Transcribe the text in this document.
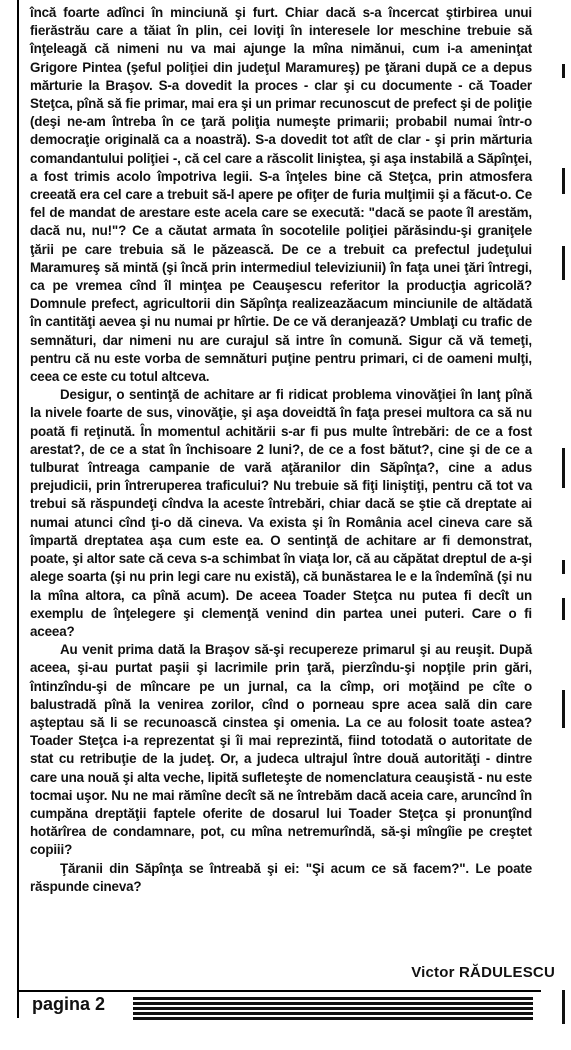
încă foarte adînci în minciună şi furt. Chiar dacă s-a încercat ştirbirea unui fierăstrău care a tăiat în plin, cei loviţi în interesele lor meschine trebuie să înţeleagă că nimeni nu va mai ajunge la mîna nimănui, cum i-a ameninţat Grigore Pintea (şeful poliţiei din judeţul Maramureş) pe ţărani după ce a depus mărturie la Braşov. S-a dovedit la proces - clar şi cu documente - că Toader Steţca, pînă să fie primar, mai era şi un primar recunoscut de prefect şi de poliţie (deşi ne-am întreba în ce ţară poliţia numeşte primarii; probabil numai într-o democraţie originală ca a noastră). S-a dovedit tot atît de clar - şi prin mărturia comandantului poliţiei -, că cel care a răscolit liniştea, şi aşa instabilă a Săpînţei, a fost trimis acolo împotriva legii. S-a înţeles bine că Steţca, prin atmosfera creeată era cel care a trebuit să-l apere pe ofiţer de furia mulţimii şi a făcut-o. Ce fel de mandat de arestare este acela care se execută: "dacă se paote îl arestăm, dacă nu, nu!"? Ce a căutat armata în socotelile poliţiei părăsindu-şi graniţele ţării pe care trebuia să le păzească. De ce a trebuit ca prefectul judeţului Maramureş să mintă (şi încă prin intermediul televiziunii) în faţa unei ţări întregi, ca pe vremea cînd îl minţea pe Ceauşescu referitor la producţia agricolă? Domnule prefect, agricultorii din Săpînţa realizeazăacum minciunile de altădată în cantităţi aevea şi nu numai pr hîrtie. De ce vă deranjează? Umblaţi cu trafic de semnături, dar nimeni nu are curajul să intre în comună. Sigur că vă temeţi, pentru că nu este vorba de semnături puţine pentru primari, ci de oameni mulţi, ceea ce este cu totul altceva.

Desigur, o sentinţă de achitare ar fi ridicat problema vinovăţiei în lanţ pînă la nivele foarte de sus, vinovăţie, şi aşa doveidtă în faţa presei multora ca să nu poată fi reţinută. În momentul achitării s-ar fi pus multe întrebări: de ce a fost arestat?, de ce a stat în închisoare 2 luni?, de ce a fost bătut?, cine şi de ce a tulburat întreaga campanie de vară aţăranilor din Săpînţa?, cine a adus prejudicii, prin întreruperea traficului? Nu trebuie să fiţi liniştiţi, pentru că tot va trebui să răspundeţi cîndva la aceste întrebări, chiar dacă se ştie că dreptate ai numai atunci cînd ţi-o dă cineva. Va exista şi în România acel cineva care să împartă dreptatea aşa cum este ea. O sentinţă de achitare ar fi demonstrat, poate, şi altor sate că ceva s-a schimbat în viaţa lor, că au căpătat dreptul de a-şi alege soarta (şi nu prin legi care nu există), că bunăstarea le e la îndemînă (şi nu la mîna altora, ca pînă acum). De aceea Toader Steţca nu putea fi decît un exemplu de înţelegere şi clemenţă venind din partea unei puteri. Care o fi aceea?

Au venit prima dată la Braşov să-şi recupereze primarul şi au reuşit. După aceea, şi-au purtat paşii şi lacrimile prin ţară, pierzîndu-şi nopţile prin gări, întinzîndu-şi de mîncare pe un jurnal, ca la cîmp, ori moţăind pe cîte o balustradă pînă la venirea zorilor, cînd o porneau spre acea sală din care aşteptau să li se recunoască cinstea şi omenia. La ce au folosit toate astea? Toader Steţca i-a reprezentat şi îi mai reprezintă, fiind totodată o autoritate de stat cu retribuţie de la judeţ. Or, a judeca ultrajul între două autorităţi - dintre care una nouă şi alta veche, lipită sufleteşte de nomenclatura ceauşistă - nu este tocmai uşor. Nu ne mai rămîne decît să ne întrebăm dacă aceia care, aruncînd în cumpăna dreptăţii faptele oferite de dosarul lui Toader Steţca şi pronunţînd hotărîrea de condamnare, pot, cu mîna netremurîndă, să-şi mîngîie pe creştet copiii?

Ţăranii din Săpînţa se întreabă şi ei: "Şi acum ce să facem?". Le poate răspunde cineva?

Victor RĂDULESCU
pagina 2
